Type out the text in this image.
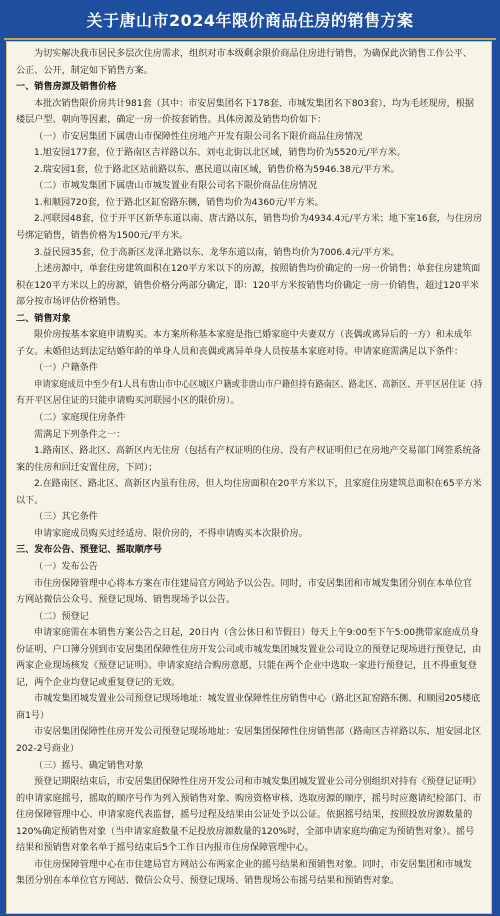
关于唐山市2024年限价商品住房的销售方案
为切实解决我市居民多层次住房需求，组织对市本级剩余限价商品住房进行销售，为确保此次销售工作公平、
公正、公开，制定如下销售方案。
一、销售房源及销售价格
本批次销售限价房共计981套（其中：市安居集团名下178套、市城发集团名下803套），均为毛坯现房，根据
楼层户型、朝向等因素，确定一房一价按套销售。具体房源及销售均价如下：
（一）市安居集团下属唐山市保障性住房地产开发有限公司名下限价商品住房情况
1.旭安园177套，位于路南区吉祥路以东、刘屯北街以北区域，销售均价为5520元/平方米。
2.瑞安园1套，位于路北区站前路以东、惠民道以南区域，销售价格为5946.38元/平方米。
（二）市城发集团下属唐山市城发置业有限公司名下限价商品住房情况
1.和顺园720套，位于路北区缸窑路东侧，销售均价为4360元/平方米。
2.河联园48套，位于开平区新华东道以南、唐古路以东，销售均价为4934.4元/平方米；地下室16套，与住房房
号绑定销售，销售价格为1500元/平方米。
3.益民园35套，位于高新区龙泽北路以东、龙华东道以南，销售均价为7006.4元/平方米。
上述房源中，单套住房建筑面积在120平方米以下的房源，按照销售均价确定的一房一价销售；单套住房建筑面
积在120平方米以上的房源，销售价格分两部分确定，即：120平方米按销售均价确定一房一价销售，超过120平米
部分按市场评估价格销售。
二、销售对象
限价房按基本家庭申请购买。本方案所称基本家庭是指已婚家庭中夫妻双方（丧偶或离异后的一方）和未成年
子女。未婚但达到法定结婚年龄的单身人员和丧偶或离异单身人员按基本家庭对待。申请家庭需满足以下条件：
（一）户籍条件
申请家庭成员中至少有1人具有唐山市中心区城区户籍或非唐山市户籍但持有路南区、路北区、高新区、开平区居住证（持
有开平区居住证的只能申请购买河联园小区的限价房）。
（二）家庭现住房条件
需满足下列条件之一：
1.路南区、路北区、高新区内无住房（包括有产权证明的住房、没有产权证明但已在房地产交易部门网签系统备
案的住房和回迁安置住房，下同）；
2.在路南区、路北区、高新区内虽有住房，但人均住房面积在20平方米以下，且家庭住房建筑总面积在65平方米
以下。
（三）其它条件
申请家庭成员购买过经适房、限价房的，不得申请购买本次限价房。
三、发布公告、预登记、摇取顺序号
（一）发布公告
市住房保障管理中心将本方案在市住建局官方网站予以公告。同时，市安居集团和市城发集团分别在本单位官
方网站微信公众号、预登记现场、销售现场予以公告。
（二）预登记
申请家庭需在本销售方案公告之日起，20日内（含公休日和节假日）每天上午9:00至下午5:00携带家庭成员身
份证明、户口簿分别到市安居集团保障性住房开发公司或市城发集团城发置业公司设立的预登记现场进行预登记，由
两家企业现场核发《预登记证明》。申请家庭结合购房意愿，只能在两个企业中选取一家进行预登记，且不得重复登
记，两个企业均登记或重复登记的无效。
市城发集团城发置业公司预登记现场地址：城发置业保障性住房销售中心（路北区缸窑路东侧、和顺园205楼底
商1号）
市安居集团保障性住房开发公司预登记现场地址：安居集团保障性住房销售部（路南区吉祥路以东、旭安园北区
202-2号商业）
（三）摇号、确定销售对象
预登记期限结束后，市安居集团保障性住房开发公司和市城发集团城发置业公司分别组织对持有《预登记证明》
的申请家庭摇号，摇取的顺序号作为列入预销售对象、购房资格审核、选取房源的顺序，摇号时应邀请纪检部门、市
住房保障管理中心、申请家庭代表监督，摇号过程及结果由公证处予以公证。依据摇号结果，按照投放房源数量的
120%确定预销售对象（当申请家庭数量不足投放房源数量的120%时，全部申请家庭均确定为预销售对象）。摇号
结果和预销售对象名单于摇号结束后5个工作日内报市住房保障管理中心。
市住房保障管理中心在市住建局官方网站公布两家企业的摇号结果和预销售对象。同时，市安居集团和市城发
集团分别在本单位官方网站、微信公众号、预登记现场、销售现场公布摇号结果和预销售对象。
